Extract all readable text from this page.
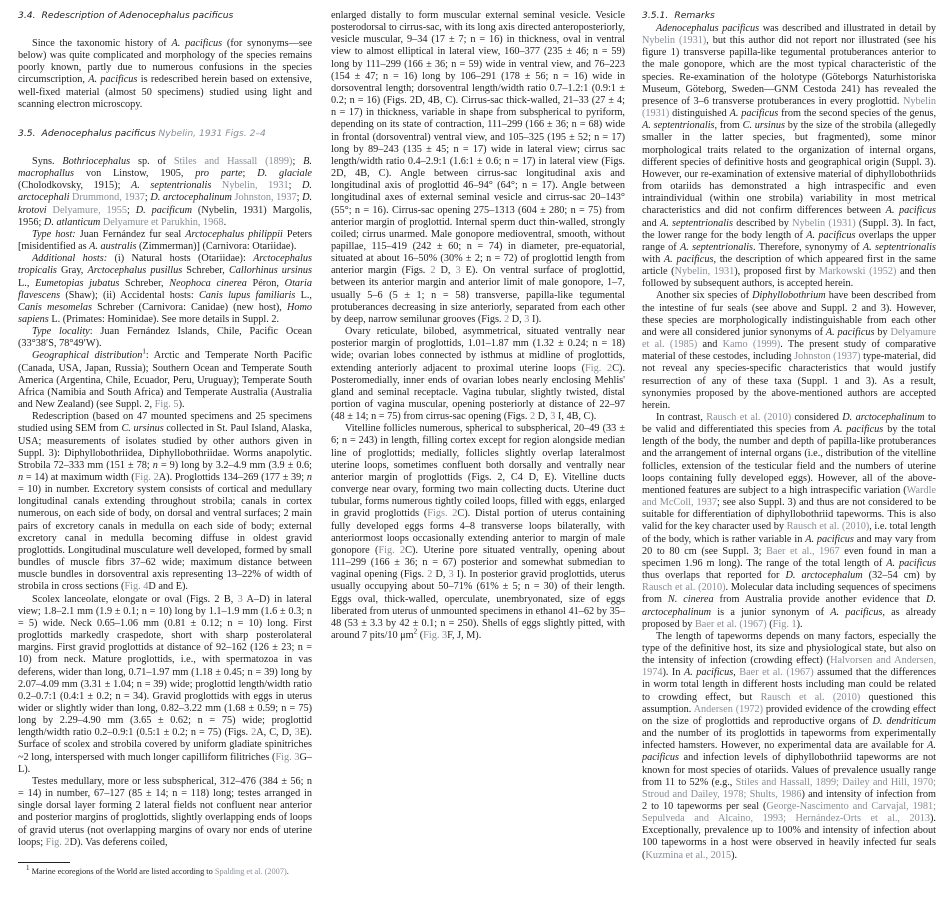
3.4. Redescription of Adenocephalus pacificus

Since the taxonomic history of A. pacificus (for synonyms—see below) was quite complicated and morphology of the species remains poorly known, partly due to numerous confusions in the species circumscription, A. pacificus is redescribed herein based on extensive, well-fixed material (almost 50 specimens) studied using light and scanning electron microscopy.

3.5. Adenocephalus pacificus Nybelin, 1931 Figs. 2–4

Syns. Bothriocephalus sp. of Stiles and Hassall (1899); B. macrophallus von Linstow, 1905, pro parte; D. glaciale (Cholodkovsky, 1915); A. septentrionalis Nybelin, 1931; D. arctocephali Drummond, 1937; D. arctocephalinum Johnston, 1937; D. krotovi Delyamure, 1955; D. pacificum (Nybelin, 1931) Margolis, 1956; D. atlanticum Delyamure et Parukhin, 1968.

Type host: Juan Fernández fur seal Arctocephalus philippii Peters [misidentified as A. australis (Zimmerman)] (Carnivora: Otariidae).

Additional hosts: (i) Natural hosts (Otariidae): Arctocephalus tropicalis Gray, Arctocephalus pusillus Schreber, Callorhinus ursinus L., Eumetopias jubatus Schreber, Neophoca cinerea Péron, Otaria flavescens (Shaw); (ii) Accidental hosts: Canis lupus familiaris L., Canis mesomelas Schreber (Carnivora: Canidae) (new host), Homo sapiens L. (Primates: Hominidae). See more details in Suppl. 2.

Type locality: Juan Fernández Islands, Chile, Pacific Ocean (33°38′S, 78°49′W).

Geographical distribution$^1$: Arctic and Temperate North Pacific (Canada, USA, Japan, Russia); Southern Ocean and Temperate South America (Argentina, Chile, Ecuador, Peru, Uruguay); Temperate South Africa (Namibia and South Africa) and Temperate Australia (Australia and New Zealand) (see Suppl. 2, Fig. 5).

Redescription (based on 47 mounted specimens and 25 specimens studied using SEM from C. ursinus collected in St. Paul Island, Alaska, USA; measurements of isolates studied by other authors given in Suppl. 3): Diphyllobothriidea, Diphyllobothriidae. Worms anapolytic. Strobila 72–333 mm (151 ± 78; n = 9) long by 3.2–4.9 mm (3.9 ± 0.6; n = 14) at maximum width (Fig. 2A). Proglottids 134–269 (177 ± 39; n = 10) in number. Excretory system consists of cortical and medullary longitudinal canals extending throughout strobila; canals in cortex numerous, on each side of body, on dorsal and ventral surfaces; 2 main pairs of excretory canals in medulla on each side of body; external excretory canal in medulla becoming diffuse in oldest gravid proglottids. Longitudinal musculature well developed, formed by small bundles of muscle fibrs 37–62 wide; maximum distance between muscle bundles in dorsoventral axis representing 13–22% of width of strobila in cross sections (Fig. 4D and E).

Scolex lanceolate, elongate or oval (Figs. 2 B, 3 A–D) in lateral view; 1.8–2.1 mm (1.9 ± 0.1; n = 10) long by 1.1–1.9 mm (1.6 ± 0.3; n = 5) wide. Neck 0.65–1.06 mm (0.81 ± 0.12; n = 10) long. First proglottids markedly craspedote, short with sharp posterolateral margins. First gravid proglottids at distance of 92–162 (126 ± 23; n = 10) from neck. Mature proglottids, i.e., with spermatozoa in vas deferens, wider than long, 0.71–1.97 mm (1.18 ± 0.45; n = 39) long by 2.07–4.09 mm (3.31 ± 1.04; n = 39) wide; proglottid length/width ratio 0.2–0.7:1 (0.4:1 ± 0.2; n = 34). Gravid proglottids with eggs in uterus wider or slightly wider than long, 0.82–3.22 mm (1.68 ± 0.59; n = 75) long by 2.29–4.90 mm (3.65 ± 0.62; n = 75) wide; proglottid length/width ratio 0.2–0.9:1 (0.5:1 ± 0.2; n = 75) (Figs. 2A, C, D, 3E). Surface of scolex and strobila covered by uniform gladiate spinitriches ~2 long, interspersed with much longer capilliform filitriches (Fig. 3G–L).

Testes medullary, more or less subspherical, 312–476 (384 ± 56; n = 14) in number, 67–127 (85 ± 14; n = 118) long; testes arranged in single dorsal layer forming 2 lateral fields not confluent near anterior and posterior margins of proglottids, slightly overlapping ends of loops of gravid uterus (not overlapping margins of ovary nor ends of uterine loops; Fig. 2D). Vas deferens coiled,

enlarged distally to form muscular external seminal vesicle. Vesicle posterodorsal to cirrus-sac, with its long axis directed anteroposteriorly, vesicle muscular, 9–34 (17 ± 7; n = 16) in thickness, oval in ventral view to almost elliptical in lateral view, 160–377 (235 ± 46; n = 59) long by 111–299 (166 ± 36; n = 59) wide in ventral view, and 76–223 (154 ± 47; n = 16) long by 106–291 (178 ± 56; n = 16) wide in dorsoventral length; dorsoventral length/width ratio 0.7–1.2:1 (0.9:1 ± 0.2; n = 16) (Figs. 2D, 4B, C). Cirrus-sac thick-walled, 21–33 (27 ± 4; n = 17) in thickness, variable in shape from subspherical to pyriform, depending on its state of contraction, 111–299 (166 ± 36; n = 68) wide in frontal (dorsoventral) ventral view, and 105–325 (195 ± 52; n = 17) long by 89–243 (135 ± 45; n = 17) wide in lateral view; cirrus sac length/width ratio 0.4–2.9:1 (1.6:1 ± 0.6; n = 17) in lateral view (Figs. 2D, 4B, C). Angle between cirrus-sac longitudinal axis and longitudinal axis of proglottid 46–94° (64°; n = 17). Angle between longitudinal axes of external seminal vesicle and cirrus-sac 20–143° (55°; n = 16). Cirrus-sac opening 275–1313 (604 ± 280; n = 75) from anterior margin of proglottid. Internal sperm duct thin-walled, strongly coiled; cirrus unarmed. Male gonopore medioventral, smooth, without papillae, 115–419 (242 ± 60; n = 74) in diameter, pre-equatorial, situated at about 16–50% (30% ± 2; n = 72) of proglottid length from anterior margin (Figs. 2 D, 3 E). On ventral surface of proglottid, between its anterior margin and anterior limit of male gonopore, 1–7, usually 5–6 (5 ± 1; n = 58) transverse, papilla-like tegumental protuberances decreasing in size anteriorly, separated from each other by deep, narrow semilunar grooves (Figs. 2 D, 3 I).

Ovary reticulate, bilobed, asymmetrical, situated ventrally near posterior margin of proglottids, 1.01–1.87 mm (1.32 ± 0.24; n = 18) wide; ovarian lobes connected by isthmus at midline of proglottids, extending anteriorly adjacent to proximal uterine loops (Fig. 2C). Posteromedially, inner ends of ovarian lobes nearly enclosing Mehlis' gland and seminal receptacle. Vagina tubular, slightly twisted, distal portion of vagina muscular, opening posteriorly at distance of 22–97 (48 ± 14; n = 75) from cirrus-sac opening (Figs. 2 D, 3 I, 4B, C).

Vitelline follicles numerous, spherical to subspherical, 20–49 (33 ± 6; n = 243) in length, filling cortex except for region alongside median line of proglottids; medially, follicles slightly overlap lateralmost uterine loops, sometimes confluent both dorsally and ventrally near anterior margin of proglottids (Figs. 2, C4 D, E). Vitelline ducts converge near ovary, forming two main collecting ducts. Uterine duct tubular, forms numerous tightly coiled loops, filled with eggs, enlarged in gravid proglottids (Figs. 2C). Distal portion of uterus containing fully developed eggs forms 4–8 transverse loops bilaterally, with anteriormost loops occasionally extending anterior to margin of male gonopore (Fig. 2C). Uterine pore situated ventrally, opening about 111–299 (166 ± 36; n = 67) posterior and somewhat submedian to vaginal opening (Figs. 2 D, 3 I). In posterior gravid proglottids, uterus usually occupying about 50–71% (61% ± 5; n = 30) of their length. Eggs oval, thick-walled, operculate, unembryonated, size of eggs liberated from uterus of unmounted specimens in ethanol 41–62 by 35–48 (53 ± 3.3 by 42 ± 0.1; n = 250). Shells of eggs slightly pitted, with around 7 pits/10 $\mu m^2$ (Fig. 3F, J, M).

3.5.1. Remarks

Adenocephalus pacificus was described and illustrated in detail by Nybelin (1931), but this author did not report nor illustrated (see his figure 1) transverse papilla-like tegumental protuberances anterior to the male gonopore, which are the most typical characteristic of the species. Re-examination of the holotype (Göteborgs Naturhistoriska Museum, Göteborg, Sweden—GNM Cestoda 241) has revealed the presence of 3–6 transverse protuberances in every proglottid. Nybelin (1931) distinguished A. pacificus from the second species of the genus, A. septentrionalis, from C. ursinus by the size of the strobila (allegedly smaller in the latter species, but fragmented), some minor morphological traits related to the organization of internal organs, different species of definitive hosts and geographical origin (Suppl. 3). However, our re-examination of extensive material of diphyllobothriids from otariids has demonstrated a high intraspecific and even intraindividual (within one strobila) variability in most metrical characteristics and did not confirm differences between A. pacificus and A. septentrionalis described by Nybelin (1931) (Suppl. 3). In fact, the lower range for the body length of A. pacificus overlaps the upper range of A. septentrionalis. Therefore, synonymy of A. septentrionalis with A. pacificus, the description of which appeared first in the same article (Nybelin, 1931), proposed first by Markowski (1952) and then followed by subsequent authors, is accepted herein.

Another six species of Diphyllobothrium have been described from the intestine of fur seals (see above and Suppl. 2 and 3). However, these species are morphologically indistinguishable from each other and were all considered junior synonyms of A. pacificus by Delyamure et al. (1985) and Kamo (1999). The present study of comparative material of these cestodes, including Johnston (1937) type-material, did not reveal any species-specific characteristics that would justify resurrection of any of these taxa (Suppl. 1 and 3). As a result, synonymies proposed by the above-mentioned authors are accepted herein.

In contrast, Rausch et al. (2010) considered D. arctocephalinum to be valid and differentiated this species from A. pacificus by the total length of the body, the number and depth of papilla-like protuberances and the arrangement of internal organs (i.e., distribution of the vitelline follicles, extension of the testicular field and the numbers of uterine loops containing fully developed eggs). However, all of the above-mentioned features are subject to a high intraspecific variation (Wardle and McColl, 1937; see also Suppl. 3) and thus are not considered to be suitable for differentiation of diphyllobothriid tapeworms. This is also valid for the key character used by Rausch et al. (2010), i.e. total length of the body, which is rather variable in A. pacificus and may vary from 20 to 80 cm (see Suppl. 3; Baer et al., 1967 even found in man a specimen 1.96 m long). The range of the total length of A. pacificus thus overlaps that reported for D. arctocephalum (32–54 cm) by Rausch et al. (2010). Molecular data including sequences of specimens from N. cinerea from Australia provide another evidence that D. arctocephalinum is a junior synonym of A. pacificus, as already proposed by Baer et al. (1967) (Fig. 1).

The length of tapeworms depends on many factors, especially the type of the definitive host, its size and physiological state, but also on the intensity of infection (crowding effect) (Halvorsen and Andersen, 1974). In A. pacificus, Baer et al. (1967) assumed that the differences in worm total length in different hosts including man could be related to crowding effect, but Rausch et al. (2010) questioned this assumption. Andersen (1972) provided evidence of the crowding effect on the size of proglottids and reproductive organs of D. dendriticum and the number of its proglottids in tapeworms from experimentally infected hamsters. However, no experimental data are available for A. pacificus and infection levels of diphyllobothriid tapeworms are not known for most species of otariids. Values of prevalence usually range from 11 to 52% (e.g., Stiles and Hassall, 1899; Dailey and Hill, 1970; Stroud and Dailey, 1978; Shults, 1986) and intensity of infection from 2 to 10 tapeworms per seal (George-Nascimento and Carvajal, 1981; Sepulveda and Alcaino, 1993; Hernández-Orts et al., 2013). Exceptionally, prevalence up to 100% and intensity of infection about 100 tapeworms in a host were observed in heavily infected fur seals (Kuzmina et al., 2015).

$^1$ Marine ecoregions of the World are listed according to Spalding et al. (2007).
